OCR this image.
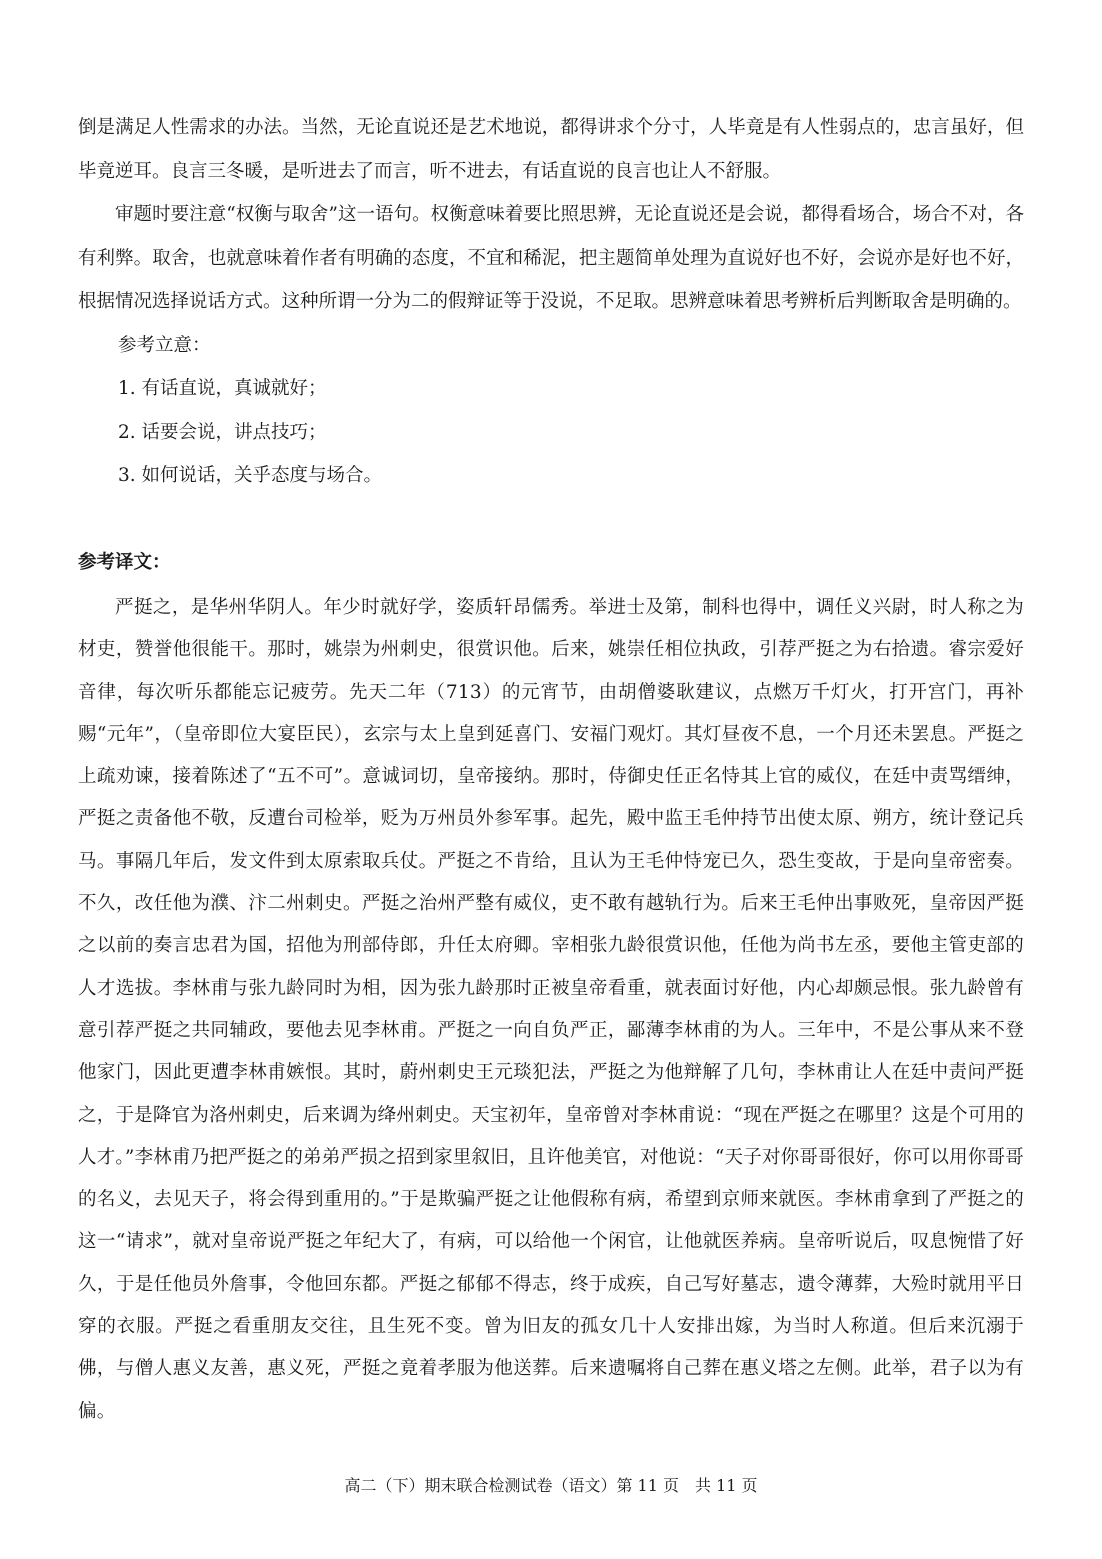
倒是满足人性需求的办法。当然，无论直说还是艺术地说，都得讲求个分寸，人毕竟是有人性弱点的，忠言虽好，但毕竟逆耳。良言三冬暖，是听进去了而言，听不进去，有话直说的良言也让人不舒服。

审题时要注意“权衡与取舍”这一语句。权衡意味着要比照思辨，无论直说还是会说，都得看场合，场合不对，各有利弊。取舍，也就意味着作者有明确的态度，不宜和稀泥，把主题简单处理为直说好也不好，会说亦是好也不好，根据情况选择说话方式。这种所谓一分为二的假辩证等于没说，不足取。思辨意味着思考辨析后判断取舍是明确的。

参考立意：

1. 有话直说，真诚就好；

2. 话要会说，讲点技巧；

3. 如何说话，关乎态度与场合。

参考译文：

严挺之，是华州华阴人。年少时就好学，姿质轩昂儒秀。举进士及第，制科也得中，调任义兴尉，时人称之为材吏，赞誉他很能干。那时，姚崇为州刺史，很赏识他。后来，姚崇任相位执政，引荐严挺之为右拾遗。睿宗爱好音律，每次听乐都能忘记疲劳。先天二年（713）的元宵节，由胡僧婆耿建议，点燃万千灯火，打开宫门，再补赐“元年”，（皇帝即位大宴臣民），玄宗与太上皇到延喜门、安福门观灯。其灯昼夜不息，一个月还未罢息。严挺之上疏劝谏，接着陈述了“五不可”。意诚词切，皇帝接纳。那时，侍御史任正名恃其上官的威仪，在廷中责骂缙绅，严挺之责备他不敬，反遭台司检举，贬为万州员外参军事。起先，殿中监王毛仲持节出使太原、朔方，统计登记兵马。事隔几年后，发文件到太原索取兵仗。严挺之不肯给，且认为王毛仲恃宠已久，恐生变故，于是向皇帝密奏。不久，改任他为濮、汴二州刺史。严挺之治州严整有威仪，吏不敢有越轨行为。后来王毛仲出事败死，皇帝因严挺之以前的奏言忠君为国，招他为刑部侍郎，升任太府卿。宰相张九龄很赏识他，任他为尚书左丞，要他主管吏部的人才选拔。李林甫与张九龄同时为相，因为张九龄那时正被皇帝看重，就表面讨好他，内心却颇忌恨。张九龄曾有意引荐严挺之共同辅政，要他去见李林甫。严挺之一向自负严正，鄙薄李林甫的为人。三年中，不是公事从来不登他家门，因此更遭李林甫嫉恨。其时，蔚州刺史王元琰犯法，严挺之为他辩解了几句，李林甫让人在廷中责问严挺之，于是降官为洛州刺史，后来调为绛州刺史。天宝初年，皇帝曾对李林甫说：“现在严挺之在哪里？这是个可用的人才。”李林甫乃把严挺之的弟弟严损之招到家里叙旧，且许他美官，对他说：“天子对你哥哥很好，你可以用你哥哥的名义，去见天子，将会得到重用的。”于是欺骗严挺之让他假称有病，希望到京师来就医。李林甫拿到了严挺之的这一“请求”，就对皇帝说严挺之年纪大了，有病，可以给他一个闲官，让他就医养病。皇帝听说后，叹息惋惜了好久，于是任他员外詹事，令他回东都。严挺之郁郁不得志，终于成疾，自己写好墓志，遗令薄葬，大殓时就用平日穿的衣服。严挺之看重朋友交往，且生死不变。曾为旧友的孤女几十人安排出嫁，为当时人称道。但后来沉溺于佛，与僧人惠义友善，惠义死，严挺之竟着孝服为他送葬。后来遗嘱将自己葬在惠义塔之左侧。此举，君子以为有偏。

高二（下）期末联合检测试卷（语文）第 11 页　共 11 页
